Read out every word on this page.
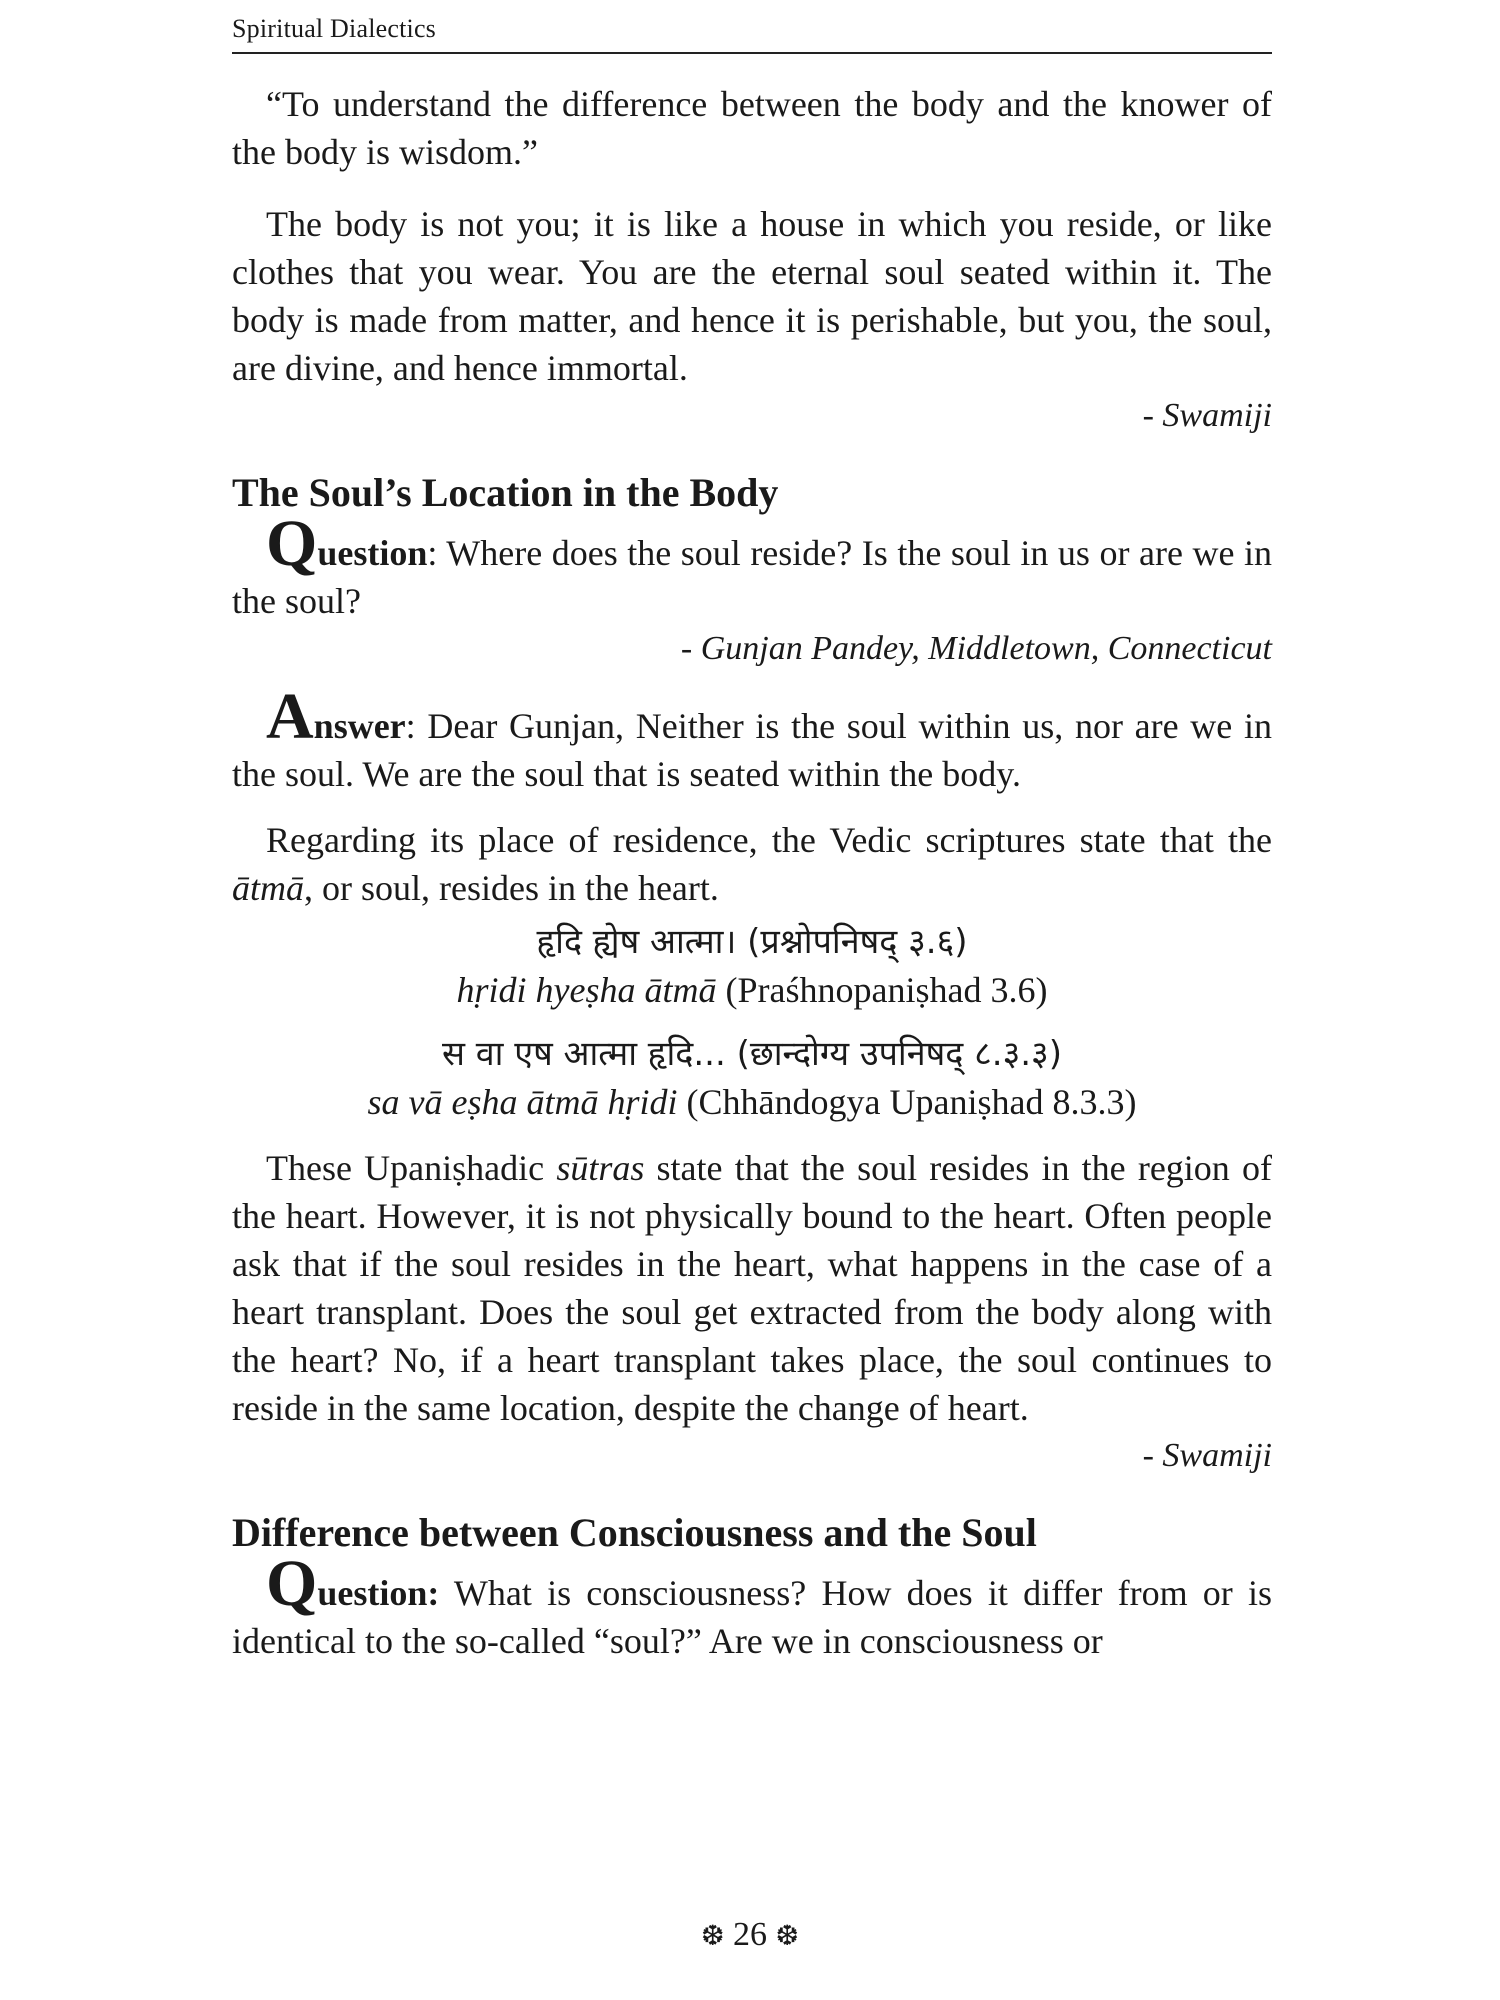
Spiritual Dialectics

“To understand the difference between the body and the knower of the body is wisdom.”

The body is not you; it is like a house in which you reside, or like clothes that you wear. You are the eternal soul seated within it. The body is made from matter, and hence it is perishable, but you, the soul, are divine, and hence immortal.

- Swamiji

The Soul’s Location in the Body

Question: Where does the soul reside? Is the soul in us or are we in the soul?

- Gunjan Pandey, Middletown, Connecticut

Answer: Dear Gunjan, Neither is the soul within us, nor are we in the soul. We are the soul that is seated within the body.

Regarding its place of residence, the Vedic scriptures state that the ātmā, or soul, resides in the heart.

हृदि ह्येष आत्मा। (प्रश्नोपनिषद् ३.६)

hṛidi hyeṣha ātmā (Praśhnopaniṣhad 3.6)

स वा एष आत्मा हृदि... (छान्दोग्य उपनिषद् ८.३.३)

sa vā eṣha ātmā hṛidi (Chhāndogya Upaniṣhad 8.3.3)

These Upaniṣhadic sūtras state that the soul resides in the region of the heart. However, it is not physically bound to the heart. Often people ask that if the soul resides in the heart, what happens in the case of a heart transplant. Does the soul get extracted from the body along with the heart? No, if a heart transplant takes place, the soul continues to reside in the same location, despite the change of heart.

- Swamiji

Difference between Consciousness and the Soul

Question: What is consciousness? How does it differ from or is identical to the so-called “soul?” Are we in consciousness or

❆ 26 ❆
